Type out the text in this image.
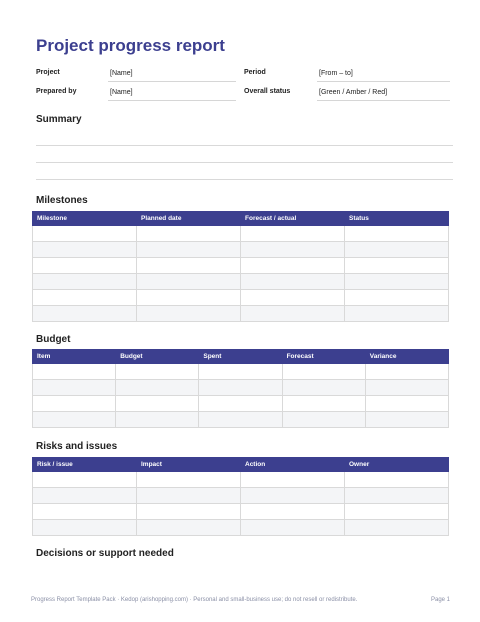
Project progress report
Project	[Name]	Period	[From – to]
Prepared by	[Name]	Overall status	[Green / Amber / Red]
Summary
Milestones
Milestone	Planned date	Forecast / actual	Status

Budget
Item	Budget	Spent	Forecast	Variance

Risks and issues
Risk / issue	Impact	Action	Owner

Decisions or support needed
Progress Report Template Pack · Kedop (arishopping.com) · Personal and small-business use; do not resell or redistribute.	Page 1
